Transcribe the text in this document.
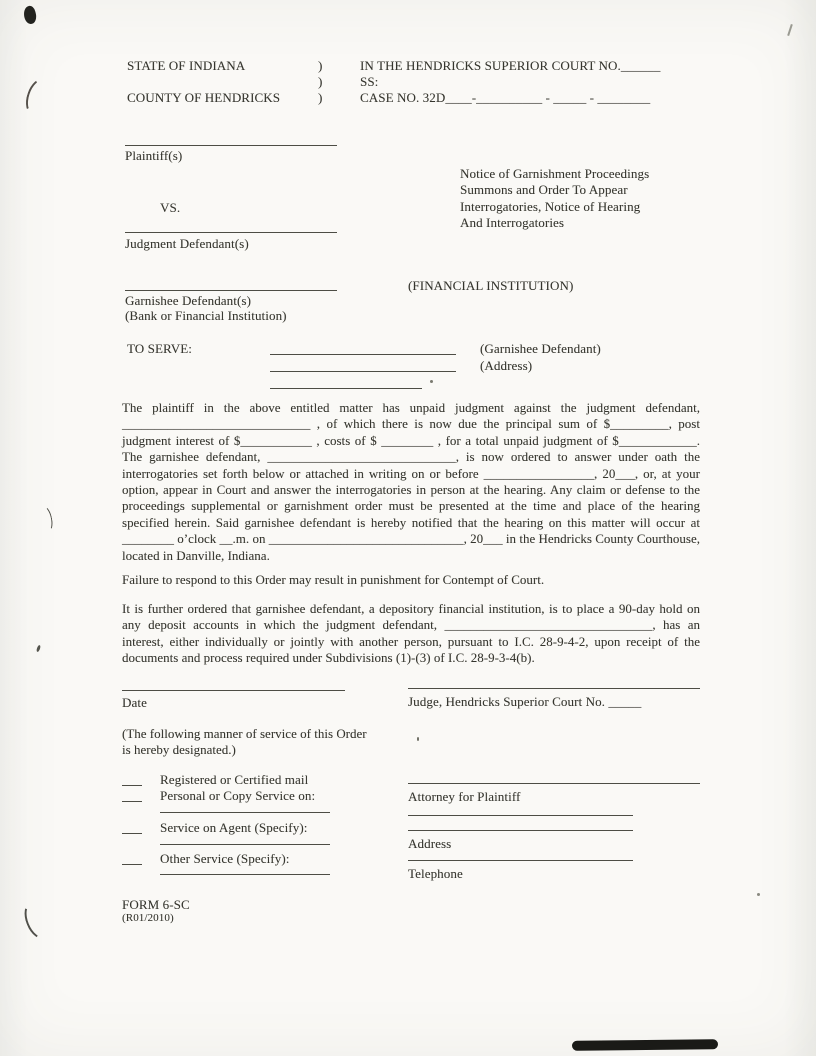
STATE OF INDIANA	)	IN THE HENDRICKS SUPERIOR COURT NO.______
)	SS:
COUNTY OF HENDRICKS	)	CASE NO. 32D____-__________ - _____ - ________
Plaintiff(s)
Notice of Garnishment Proceedings
Summons and Order To Appear
Interrogatories, Notice of Hearing
And Interrogatories
VS.
Judgment Defendant(s)
(FINANCIAL INSTITUTION)
Garnishee Defendant(s)
(Bank or Financial Institution)
TO SERVE:	(Garnishee Defendant)
(Address)
The plaintiff in the above entitled matter has unpaid judgment against the judgment defendant, _____________________________ , of which there is now due the principal sum of $_________, post judgment interest of $___________ , costs of $ ________ , for a total unpaid judgment of $____________. The garnishee defendant, _____________________________, is now ordered to answer under oath the interrogatories set forth below or attached in writing on or before _________________, 20___, or, at your option, appear in Court and answer the interrogatories in person at the hearing. Any claim or defense to the proceedings supplemental or garnishment order must be presented at the time and place of the hearing specified herein. Said garnishee defendant is hereby notified that the hearing on this matter will occur at ________ o’clock __.m. on ______________________________, 20___ in the Hendricks County Courthouse, located in Danville, Indiana.
Failure to respond to this Order may result in punishment for Contempt of Court.
It is further ordered that garnishee defendant, a depository financial institution, is to place a 90-day hold on any deposit accounts in which the judgment defendant, ________________________________, has an interest, either individually or jointly with another person, pursuant to I.C. 28-9-4-2, upon receipt of the documents and process required under Subdivisions (1)-(3) of I.C. 28-9-3-4(b).
Date	Judge, Hendricks Superior Court No. _____
(The following manner of service of this Order is hereby designated.)
Registered or Certified mail
Personal or Copy Service on:
Service on Agent (Specify):
Other Service (Specify):
Attorney for Plaintiff
Address
Telephone
FORM 6-SC
(R01/2010)
